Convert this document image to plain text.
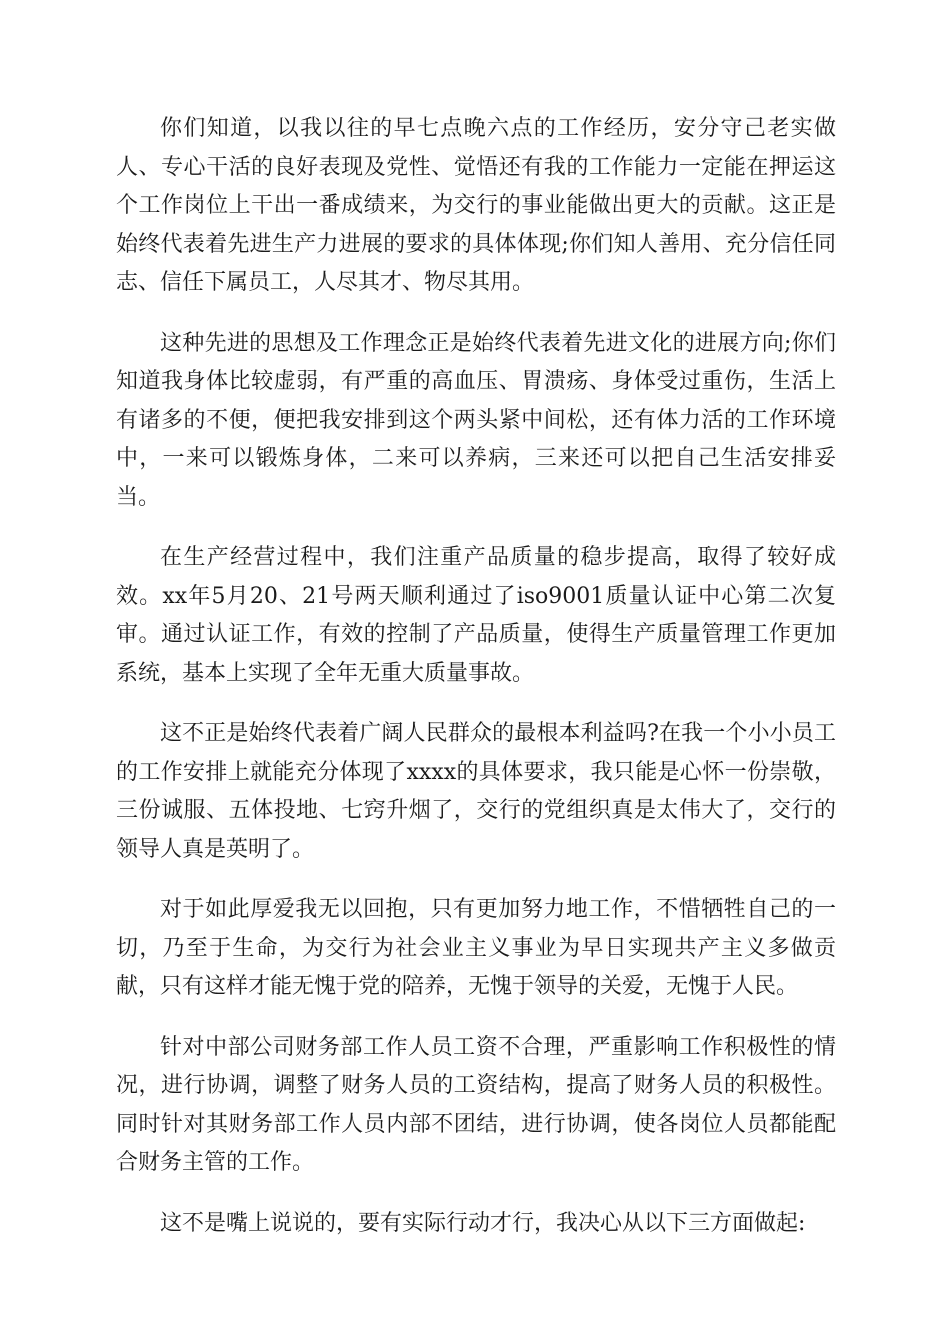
你们知道，以我以往的早七点晚六点的工作经历，安分守己老实做人、专心干活的良好表现及党性、觉悟还有我的工作能力一定能在押运这个工作岗位上干出一番成绩来，为交行的事业能做出更大的贡献。这正是始终代表着先进生产力进展的要求的具体体现;你们知人善用、充分信任同志、信任下属员工，人尽其才、物尽其用。

这种先进的思想及工作理念正是始终代表着先进文化的进展方向;你们知道我身体比较虚弱，有严重的高血压、胃溃疡、身体受过重伤，生活上有诸多的不便，便把我安排到这个两头紧中间松，还有体力活的工作环境中，一来可以锻炼身体，二来可以养病，三来还可以把自己生活安排妥当。

在生产经营过程中，我们注重产品质量的稳步提高，取得了较好成效。xx年5月20、21号两天顺利通过了iso9001质量认证中心第二次复审。通过认证工作，有效的控制了产品质量，使得生产质量管理工作更加系统，基本上实现了全年无重大质量事故。

这不正是始终代表着广阔人民群众的最根本利益吗?在我一个小小员工的工作安排上就能充分体现了xxxx的具体要求，我只能是心怀一份崇敬，三份诚服、五体投地、七窍升烟了，交行的党组织真是太伟大了，交行的领导人真是英明了。

对于如此厚爱我无以回抱，只有更加努力地工作，不惜牺牲自己的一切，乃至于生命，为交行为社会业主义事业为早日实现共产主义多做贡献，只有这样才能无愧于党的陪养，无愧于领导的关爱，无愧于人民。

针对中部公司财务部工作人员工资不合理，严重影响工作积极性的情况，进行协调，调整了财务人员的工资结构，提高了财务人员的积极性。同时针对其财务部工作人员内部不团结，进行协调，使各岗位人员都能配合财务主管的工作。

这不是嘴上说说的，要有实际行动才行，我决心从以下三方面做起:
